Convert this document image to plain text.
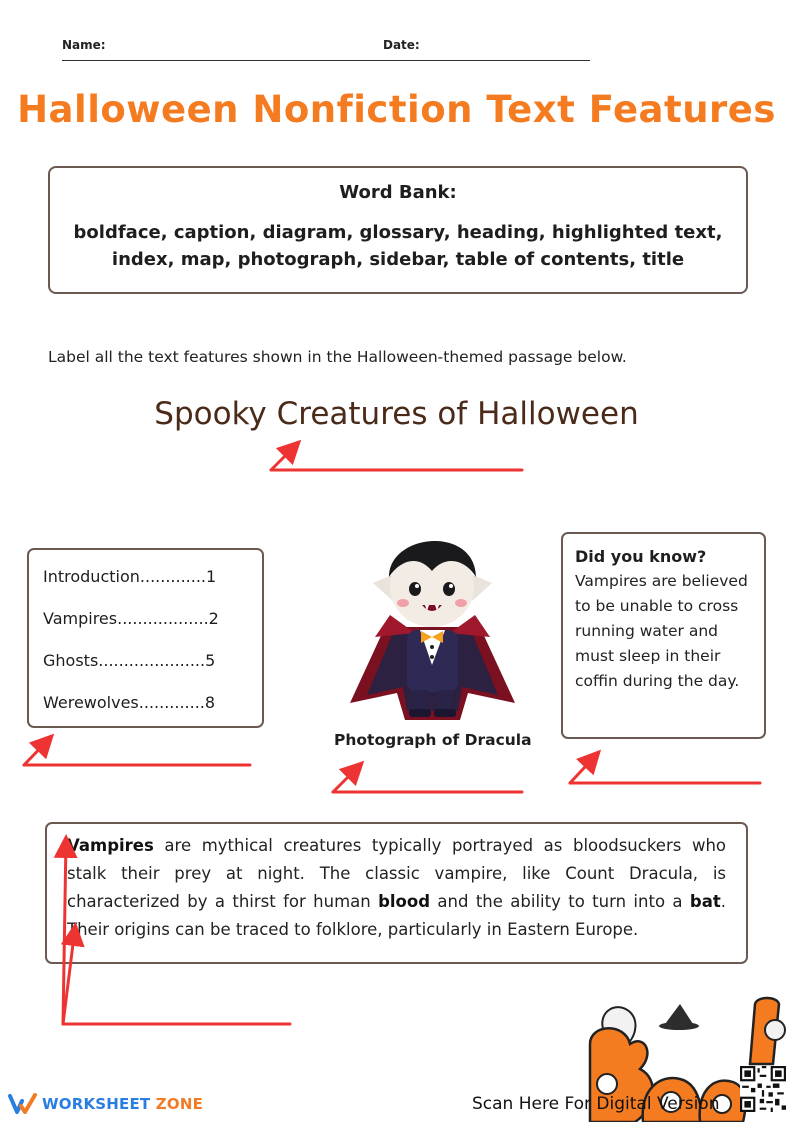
Name:	Date:
Halloween Nonfiction Text Features
Word Bank:
boldface, caption, diagram, glossary, heading, highlighted text,
index, map, photograph, sidebar, table of contents, title
Label all the text features shown in the Halloween-themed passage below.
Spooky Creatures of Halloween
Introduction.............1
Vampires..................2
Ghosts.....................5
Werewolves.............8
Photograph of Dracula
Did you know?
Vampires are believed to be unable to cross running water and must sleep in their coffin during the day.
Vampires are mythical creatures typically portrayed as bloodsuckers who stalk their prey at night. The classic vampire, like Count Dracula, is characterized by a thirst for human blood and the ability to turn into a bat. Their origins can be traced to folklore, particularly in Eastern Europe.
WORKSHEET ZONE	Scan Here For Digital Version
